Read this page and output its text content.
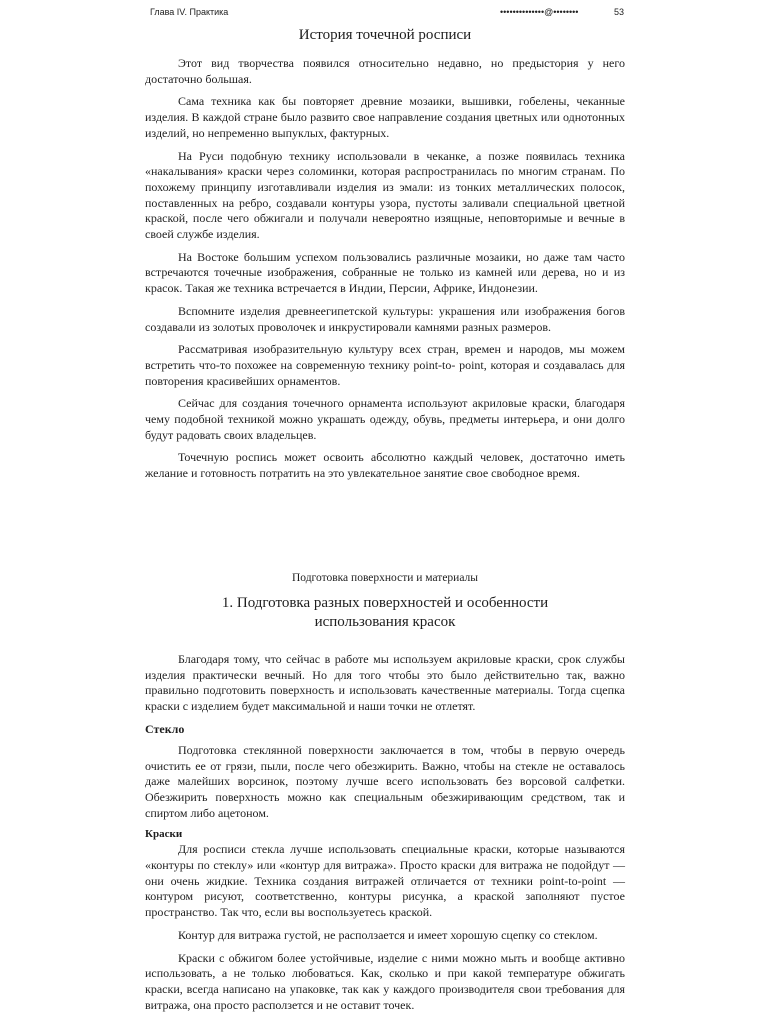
Глава IV. Практика	••••••••••••••@••••••••	53
История точечной росписи

Этот вид творчества появился относительно недавно, но предыстория у него достаточно большая.

Сама техника как бы повторяет древние мозаики, вышивки, гобелены, чеканные изделия. В каждой стране было развито свое направление создания цветных или однотонных изделий, но непременно выпуклых, фактурных.

На Руси подобную технику использовали в чеканке, а позже появилась техника «накалывания» краски через соломинки, которая распространилась по многим странам. По похожему принципу изготавливали изделия из эмали: из тонких металлических полосок, поставленных на ребро, создавали контуры узора, пустоты заливали специальной цветной краской, после чего обжигали и получали невероятно изящные, неповторимые и вечные в своей службе изделия.

На Востоке большим успехом пользовались различные мозаики, но даже там часто встречаются точечные изображения, собранные не только из камней или дерева, но и из красок. Такая же техника встречается в Индии, Персии, Африке, Индонезии.

Вспомните изделия древнеегипетской культуры: украшения или изображения богов создавали из золотых проволочек и инкрустировали камнями разных размеров.

Рассматривая изобразительную культуру всех стран, времен и народов, мы можем встретить что-то похожее на современную технику point-to- point, которая и создавалась для повторения красивейших орнаментов.

Сейчас для создания точечного орнамента используют акриловые краски, благодаря чему подобной техникой можно украшать одежду, обувь, предметы интерьера, и они долго будут радовать своих владельцев.

Точечную роспись может освоить абсолютно каждый человек, достаточно иметь желание и готовность потратить на это увлекательное занятие свое свободное время.

Подготовка поверхности и материалы
1. Подготовка разных поверхностей и особенности
использования красок

Благодаря тому, что сейчас в работе мы используем акриловые краски, срок службы изделия практически вечный. Но для того чтобы это было действительно так, важно правильно подготовить поверхность и использовать качественные материалы. Тогда сцепка краски с изделием будет максимальной и наши точки не отлетят.

Стекло

Подготовка стеклянной поверхности заключается в том, чтобы в первую очередь очистить ее от грязи, пыли, после чего обезжирить. Важно, чтобы на стекле не оставалось даже малейших ворсинок, поэтому лучше всего использовать без ворсовой салфетки. Обезжирить поверхность можно как специальным обезжиривающим средством, так и спиртом либо ацетоном.

Краски

Для росписи стекла лучше использовать специальные краски, которые называются «контуры по стеклу» или «контур для витража». Просто краски для витража не подойдут — они очень жидкие. Техника создания витражей отличается от техники point-to-point — контуром рисуют, соответственно, контуры рисунка, а краской заполняют пустое пространство. Так что, если вы воспользуетесь краской.

Контур для витража густой, не расползается и имеет хорошую сцепку со стеклом.

Краски с обжигом более устойчивые, изделие с ними можно мыть и вообще активно использовать, а не только любоваться. Как, сколько и при какой температуре обжигать краски, всегда написано на упаковке, так как у каждого производителя свои требования для витража, она просто расползется и не оставит точек.
